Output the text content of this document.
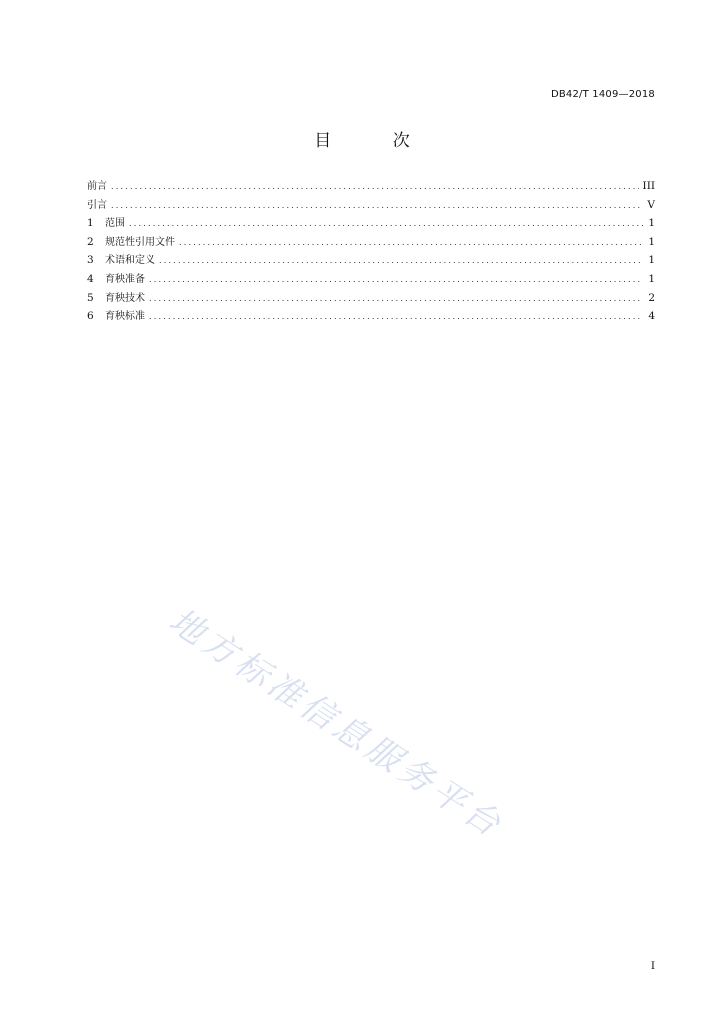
DB42/T 1409—2018
目 次
前言 .....	III
引言 .....	V
1	范围 .....	1
2	规范性引用文件 .....	1
3	术语和定义 .....	1
4	育秧准备 .....	1
5	育秧技术 .....	2
6	育秧标准 .....	4
地方标准信息服务平台
I
